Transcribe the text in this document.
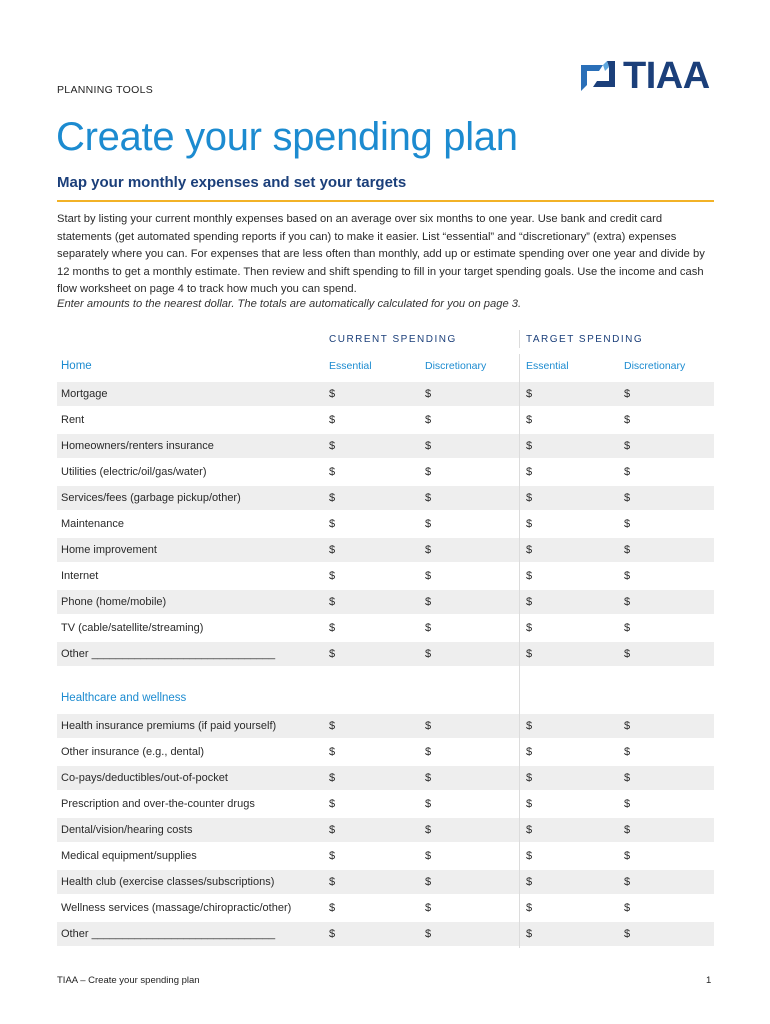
PLANNING TOOLS	TIAA
Create your spending plan
Map your monthly expenses and set your targets

Start by listing your current monthly expenses based on an average over six months to one year. Use bank and credit card statements (get automated spending reports if you can) to make it easier. List “essential” and “discretionary” (extra) expenses separately where you can. For expenses that are less often than monthly, add up or estimate spending over one year and divide by 12 months to get a monthly estimate. Then review and shift spending to fill in your target spending goals. Use the income and cash flow worksheet on page 4 to track how much you can spend.

Enter amounts to the nearest dollar. The totals are automatically calculated for you on page 3.

CURRENT SPENDING	TARGET SPENDING
Home	Essential	Discretionary	Essential	Discretionary
Mortgage	$	$	$	$
Rent	$	$	$	$
Homeowners/renters insurance	$	$	$	$
Utilities (electric/oil/gas/water)	$	$	$	$
Services/fees (garbage pickup/other)	$	$	$	$
Maintenance	$	$	$	$
Home improvement	$	$	$	$
Internet	$	$	$	$
Phone (home/mobile)	$	$	$	$
TV (cable/satellite/streaming)	$	$	$	$
Other ______________________________	$	$	$	$
Healthcare and wellness
Health insurance premiums (if paid yourself)	$	$	$	$
Other insurance (e.g., dental)	$	$	$	$
Co-pays/deductibles/out-of-pocket	$	$	$	$
Prescription and over-the-counter drugs	$	$	$	$
Dental/vision/hearing costs	$	$	$	$
Medical equipment/supplies	$	$	$	$
Health club (exercise classes/subscriptions)	$	$	$	$
Wellness services (massage/chiropractic/other)	$	$	$	$
Other ______________________________	$	$	$	$
TIAA – Create your spending plan	1
